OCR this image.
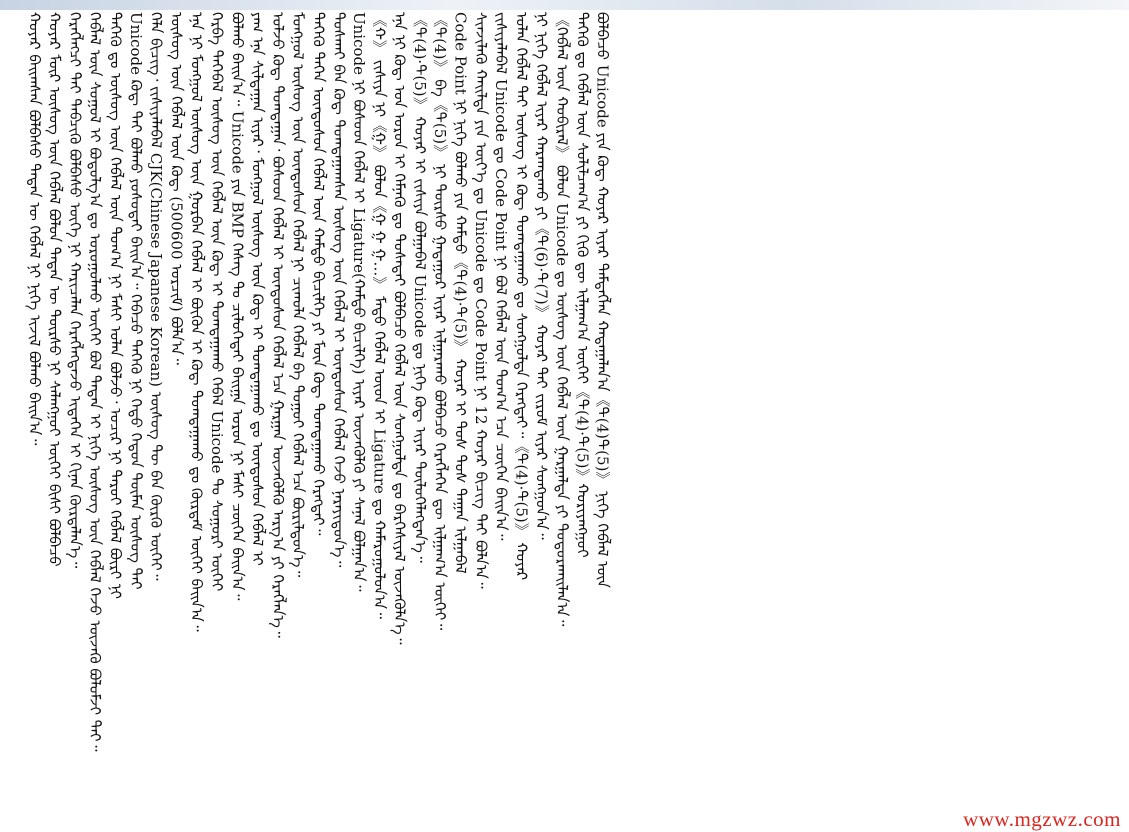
ᠬᠣᠶᠠᠷ ᠪᠠᠢᠭᠰᠠᠨ ᠪᠣᠯᠪᠠᠰᠤ ᠲᠡᠳᠡᠨ ᠦ ᠬᠡᠪᠯᠡᠯ ᠨᠢ ᠨᠢᠭᠡ ᠢᠵᠢᠯ ᠪᠣᠯᠬᠤ ᠪᠠᠢᠨ᠎ᠠ᠃ ᠬᠣᠶᠠᠷ ᠮᠥᠷ ᠦᠰᠦᠭ ᠦᠨ ᠬᠡᠪᠯᠡᠯ ᠪᠣᠯᠣᠨ ᠲᠡᠳᠡᠨ ᠦ ᠳᠦᠷᠰᠦ ᠨᠢ ᠰᠠᠯᠠᠩᠭᠤᠶ ᠦᠭᠡᠢ ᠪᠢᠰᠢ ᠪᠣᠯᠪᠠᠴᠤ ᠬᠡᠷᠡᠭᠯᠡᠭᠴᠢ ᠲᠡᠢ ᠲᠡᠪᠴᠢᠬᠦ ᠪᠣᠯᠪᠠᠰᠤ ᠦᠭᠡ ᠨᠢ ᠬᠠᠷᠢᠴᠠᠯᠠᠨ ᠬᠡᠷᠡᠭᠯᠡᠭᠳᠡᠵᠦ ᠢᠳᠡᠭᠡᠨ ᠢ ᠬᠢᠨᠠᠨ ᠬᠦᠷᠳᠡᠯᠡᠨ᠎ᠡ᠃ ᠬᠡᠪᠯᠡᠯ ᠦᠨ ᠰᠤᠭᠤᠯ ᠢ ᠪᠣᠳᠣᠯᠭ᠎ᠠ ᠳᠤ ᠣᠷᠣᠭᠤᠯᠬᠤ ᠦᠭᠡᠢ ᠪᠣᠯ ᠲᠡᠳᠡᠨ ᠢ ᠨᠢᠭᠡ ᠦᠰᠦᠭ ᠦᠨ ᠬᠡᠪᠯᠡᠯ ᠭᠡᠵᠦ ᠦᠵᠡᠬᠦ ᠪᠣᠯᠣᠮᠵᠢ ᠲᠠᠢ᠃ ᠲᠡᠭᠡᠬᠦ ᠳᠤ ᠦᠰᠦᠭ ᠦᠨ ᠬᠡᠪᠯᠡᠯ ᠦᠨ ᠲᠣᠭ᠎ᠠ ᠨᠢ ᠮᠠᠰᠢ ᠣᠯᠠᠨ ᠪᠣᠯᠵᠤ᠂ ᠤᠴᠢᠷ ᠨᠢ ᠳᠠᠷᠤᠢ ᠬᠡᠪᠯᠡᠯ ᠪᠦᠷᠢ ᠨᠢ Unicode ᠺᠣᠳ᠋ ᠲᠠᠢ ᠪᠣᠯᠬᠤ ᠶᠣᠰᠣᠲᠠᠢ ᠪᠠᠢᠨ᠎ᠠ᠃ ᠭᠡᠪᠡᠴᠦ ᠲᠡᠭᠡᠬᠦ ᠨᠢ ᠬᠡᠳᠦ ᠬᠡᠳᠦᠨ ᠲᠦᠮᠡᠨ ᠦᠰᠦᠭ ᠲᠠᠢ ᠬᠡᠯᠡ ᠪᠢᠴᠢᠭ᠂ ᠵᠢᠱᠢᠶᠡᠯᠡᠪᠡᠯ CJK(Chinese Japanese Korean) ᠦᠰᠦᠭ ᠲᠦ ᠪᠡᠨ ᠬᠦᠷᠬᠦ ᠦᠭᠡᠢ᠃ ᠦᠰᠦᠭ ᠦᠨ ᠬᠡᠪᠯᠡᠯ ᠦᠨ ᠺᠣᠳ᠋ (500600 ᠣᠷᠴᠢᠮ) ᠪᠣᠯᠨ᠎ᠠ᠃ ᠡᠨᠡ ᠨᠢ ᠮᠣᠩᠭᠣᠯ ᠦᠰᠦᠭ ᠦᠨ ᠭᠤᠷᠪᠠᠨ ᠬᠡᠪᠯᠡᠯ ᠢ ᠪᠦᠬᠦᠨ ᠢ ᠺᠣᠳ᠋ ᠲᠣᠭᠲᠠᠭᠠᠬᠤ ᠳᠤ ᠬᠦᠷᠳᠡᠮ ᠦᠭᠡᠢ ᠪᠠᠢᠨ᠎ᠠ᠃ ᠬᠡᠷᠪᠡ ᠲᠡᠭᠡᠪᠡᠯ ᠦᠰᠦᠭ ᠦᠨ ᠬᠡᠪᠯᠡᠯ ᠦᠨ ᠺᠣᠳ᠋ ᠢ ᠲᠣᠭᠲᠠᠭᠠᠬᠤ ᠭᠡᠪᠡᠯ Unicode ᠲᠤ ᠰᠤᠭᠤᠷᠢ ᠦᠭᠡᠢ ᠪᠣᠯᠬᠤ ᠪᠠᠢᠨ᠎ᠠ᠃ Unicode ᠶᠢᠨ BMP ᠬᠡᠰᠡᠭ ᠲᠤ ᠴᠢᠯᠦᠭᠡᠲᠡᠢ ᠪᠠᠢᠭᠠ ᠣᠷᠣᠨ ᠨᠢ ᠮᠠᠰᠢ ᠴᠥᠭᠡᠨ ᠪᠠᠢᠨ᠎ᠠ᠃ ᠶᠠᠭ ᠡᠨᠡ ᠰᠢᠯᠳᠠᠭᠠᠨ ᠢᠶᠠᠷ᠂ ᠮᠣᠩᠭᠣᠯ ᠦᠰᠦᠭ ᠦᠨ ᠺᠣᠳ᠋ ᠢ ᠲᠣᠭᠲᠠᠭᠠᠬᠤ ᠳᠤ ᠦᠨᠳᠦᠰᠦᠨ ᠬᠡᠪᠯᠡᠯ ᠢ ᠣᠯᠵᠤ ᠺᠣᠳ᠋ ᠲᠣᠭᠲᠠᠭᠠᠨ᠂ ᠪᠤᠰᠤᠳ ᠬᠡᠪᠯᠡᠯ ᠢ ᠦᠨᠳᠦᠰᠦᠨ ᠬᠡᠪᠯᠡᠯ ᠡᠴᠡ ᠭᠠᠷᠭᠠᠨ ᠦᠵᠡᠭᠦᠯᠬᠦ ᠠᠷᠭ᠎ᠠ ᠶᠢ ᠬᠡᠷᠡᠭᠯᠡᠨ᠎ᠡ᠃ ᠮᠣᠩᠭᠣᠯ ᠦᠰᠦᠭ ᠦᠨ ᠦᠨᠳᠦᠰᠦᠨ ᠬᠡᠪᠯᠡᠯ ᠨᠢ ᠴᠢᠬᠤᠯᠠ ᠬᠡᠪᠯᠡᠯ ᠪᠠ ᠳᠤᠭᠤᠢ ᠬᠡᠪᠯᠡᠯ ᠡᠴᠡ ᠪᠦᠷᠢᠯᠳᠦᠨ᠎ᠡ᠃ ᠲᠡᠭᠡᠬᠦ ᠳᠡᠭᠡᠨ ᠦᠨᠳᠦᠰᠦᠨ ᠬᠡᠪᠯᠡᠯ ᠦᠨ ᠬᠠᠮᠲᠤ ᠪᠢᠴᠢᠯᠭᠡ ᠶᠢ ᠮᠥᠨ ᠺᠣᠳ᠋ ᠲᠣᠭᠲᠠᠭᠠᠬᠤ ᠬᠡᠷᠡᠭᠲᠡᠢ᠃ ᠲᠤᠰᠬᠠᠢ ᠪᠠᠨ ᠺᠣᠳ᠋ ᠲᠣᠭᠲᠠᠭᠠᠭᠰᠠᠨ ᠦᠰᠦᠭ ᠦᠨ ᠬᠡᠪᠯᠡᠯ ᠢ ᠦᠨᠳᠦᠰᠦᠨ ᠬᠡᠪᠯᠡᠯ ᠭᠡᠵᠦ ᠨᠡᠷᠡᠶᠢᠳᠦᠨ᠎ᠡ᠃ Unicode ᠨᠢ ᠪᠤᠰᠤᠳ ᠬᠡᠪᠯᠡᠯ ᠢ Ligature(ᠬᠠᠮᠲᠤ ᠪᠢᠴᠢᠯᠭᠡ) ᠢᠶᠠᠷ ᠦᠵᠡᠭᠦᠯᠬᠦ ᠶᠢ ᠰᠠᠨᠠᠯ ᠪᠣᠯᠭᠠᠨ᠎ᠠ᠃ 《ᠬ》 ᠵᠢᠱᠢᠶᠡ ᠨᠢ《ᠬ᠋》 ᠪᠣᠯᠣᠨ《ᠬ᠋ ᠬ᠋ ᠬ᠋…》 ᠮᠡᠲᠦ ᠬᠡᠪᠯᠡᠯ ᠦᠳ ᠢ Ligature ᠳᠤ ᠬᠠᠮᠠᠷᠤᠭᠤᠯᠤᠨ᠎ᠠ᠃ ᠡᠨᠡ ᠨᠢ ᠺᠣᠳ᠋ ᠤᠨ ᠣᠷᠣᠨ ᠢ ᠬᠡᠮᠨᠡᠬᠦ ᠳᠤ ᠲᠤᠰᠠᠲᠠᠢ ᠪᠣᠯᠪᠠᠴᠤ ᠬᠡᠪᠯᠡᠯ ᠦᠨ ᠰᠣᠩᠭᠣᠯᠲᠠ ᠳᠤ ᠪᠡᠷᠬᠡᠰᠢᠶᠡᠯ ᠦᠵᠡᠭᠦᠯᠨ᠎ᠡ᠃ 《ᠲ(4)·ᠲ(5)》 ᠬᠣᠶᠠᠷ ᠢ ᠵᠢᠱᠢᠶᠡ ᠪᠣᠯᠭᠠᠪᠠᠯ Unicode ᠳᠤ ᠨᠢᠭᠡ ᠺᠣᠳ᠋ ᠢᠶᠠᠷ ᠲᠦᠯᠦᠭᠡᠯᠡᠭᠳᠡᠨ᠎ᠡ᠃ 《ᠲ(4)》 ᠪᠠ《ᠲ(5)》 ᠨᠢ ᠳᠦᠷᠰᠦ ᠭᠠᠳᠠᠭᠤᠷ ᠢᠶᠠᠷ ᠢᠯᠭᠠᠷᠠᠬᠤ ᠪᠣᠯᠪᠠᠴᠤ ᠬᠡᠷᠡᠭᠯᠡᠭᠡᠨ ᠳᠦ ᠢᠯᠭᠠᠭ᠎ᠠ ᠦᠭᠡᠢ᠃ Code Point ᠨᠢ ᠨᠢᠭᠡ ᠪᠣᠯᠬᠤ ᠶᠢᠨ ᠬᠠᠮᠲᠤ《ᠲ(4)·ᠲ(5)》 ᠬᠣᠶᠠᠷ ᠢ ᠲᠤᠰ ᠲᠤᠰ ᠳᠠᠭᠠᠨ ᠢᠯᠭᠠᠪᠠᠯ ᠰᠢᠨᠵᠢᠯᠡᠬᠦ ᠬᠠᠢᠯᠲᠠ ᠶᠢᠨ ᠦᠶ᠎ᠡ ᠳᠤ Unicode ᠳᠤ Code Point ᠨᠢ 12 ᠬᠣᠶᠠᠷ ᠪᠢᠴᠢᠭ ᠲᠠᠢ ᠪᠣᠯᠨ᠎ᠠ᠃ ᠵᠢᠱᠢᠶᠡᠯᠡᠪᠡᠯ Unicode ᠳᠤ Code Point ᠨᠢ ᠪᠣᠯ ᠬᠡᠪᠯᠡᠯ ᠦᠨ ᠲᠣᠭ᠎ᠠ ᠡᠴᠡ ᠴᠥᠭᠡᠨ ᠪᠠᠢᠨ᠎ᠠ᠃ ᠣᠯᠠᠨ ᠬᠡᠪᠯᠡᠯ ᠲᠡᠢ ᠦᠰᠦᠭ ᠢ ᠺᠣᠳ᠋ ᠲᠣᠭᠲᠠᠭᠠᠬᠤ ᠳᠤ ᠰᠣᠩᠭᠣᠯᠲᠠ ᠬᠡᠷᠡᠭᠲᠡᠢ᠃《ᠲ(4)·ᠲ(5)》 ᠬᠣᠶᠠᠷ ᠨᠢ ᠨᠢᠭᠡ ᠬᠡᠪᠯᠡᠯ ᠢᠶᠡᠷ ᠬᠠᠷᠠᠭᠳᠠᠬᠤ ᠶᠢ《ᠲ(6)·ᠲ(7)》 ᠬᠣᠶᠠᠷ ᠲᠠᠢ ᠵᠢᠷᠤᠮ ᠢᠶᠠᠷ ᠰᠣᠩᠭᠣᠨ᠎ᠠ᠃ 《ᠬᠡᠪᠯᠡᠯ ᠦᠨ ᠬᠤᠪᠢᠷᠠᠯ》 ᠪᠣᠯᠣᠨ Unicode ᠳᠤ ᠦᠰᠦᠭ ᠦᠨ ᠬᠡᠪᠯᠡᠯ ᠦᠨ ᠭᠠᠷᠭᠠᠯᠲᠠ ᠶᠢ ᠲᠣᠳᠤᠷᠬᠠᠢᠯᠠᠨ᠎ᠠ᠃ ᠲᠡᠭᠡᠬᠦ ᠳᠤ ᠬᠡᠪᠯᠡᠯ ᠦᠨ ᠰᠤᠯᠢᠯᠴᠠᠭ᠎ᠠ ᠶᠢ ᠬᠢᠬᠦ ᠳᠦ ᠢᠯᠭᠠᠭ᠎ᠠ ᠦᠭᠡᠢ《ᠲ(4)·ᠲ(5)》ᠬᠤᠷᠢᠶᠠᠩᠭᠤᠢ ᠪᠣᠯᠪᠠᠴᠤ Unicode ᠶᠢᠨ ᠺᠣᠳ᠋ ᠬᠣᠶᠠᠷ ᠢᠶᠠᠷ ᠲᠡᠮᠳᠡᠭᠯᠡᠨ ᠬᠠᠳᠠᠭᠠᠯᠠᠨ᠎ᠠ《ᠲ(4)ᠲ(5)》 ᠨᠢᠭᠡ ᠬᠡᠪᠯᠡᠯ ᠦᠨ
www.mgzwz.com
